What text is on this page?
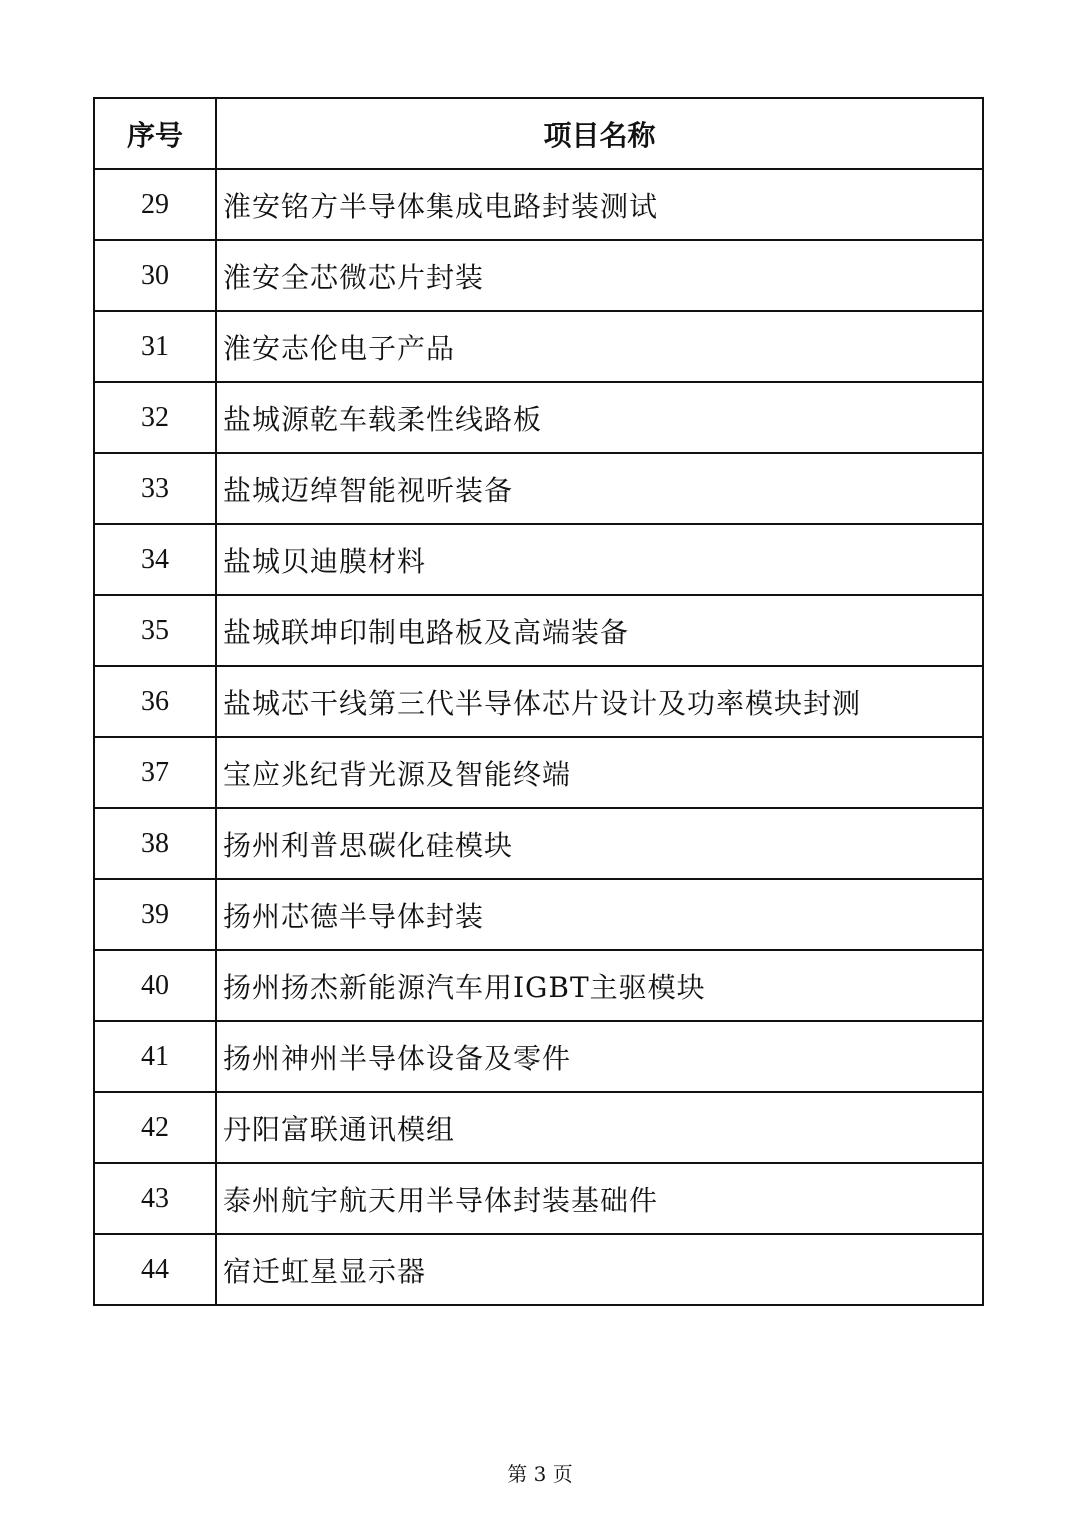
序号	项目名称
29	淮安铭方半导体集成电路封装测试
30	淮安全芯微芯片封装
31	淮安志伦电子产品
32	盐城源乾车载柔性线路板
33	盐城迈绰智能视听装备
34	盐城贝迪膜材料
35	盐城联坤印制电路板及高端装备
36	盐城芯干线第三代半导体芯片设计及功率模块封测
37	宝应兆纪背光源及智能终端
38	扬州利普思碳化硅模块
39	扬州芯德半导体封装
40	扬州扬杰新能源汽车用IGBT主驱模块
41	扬州神州半导体设备及零件
42	丹阳富联通讯模组
43	泰州航宇航天用半导体封装基础件
44	宿迁虹星显示器
第 3 页
